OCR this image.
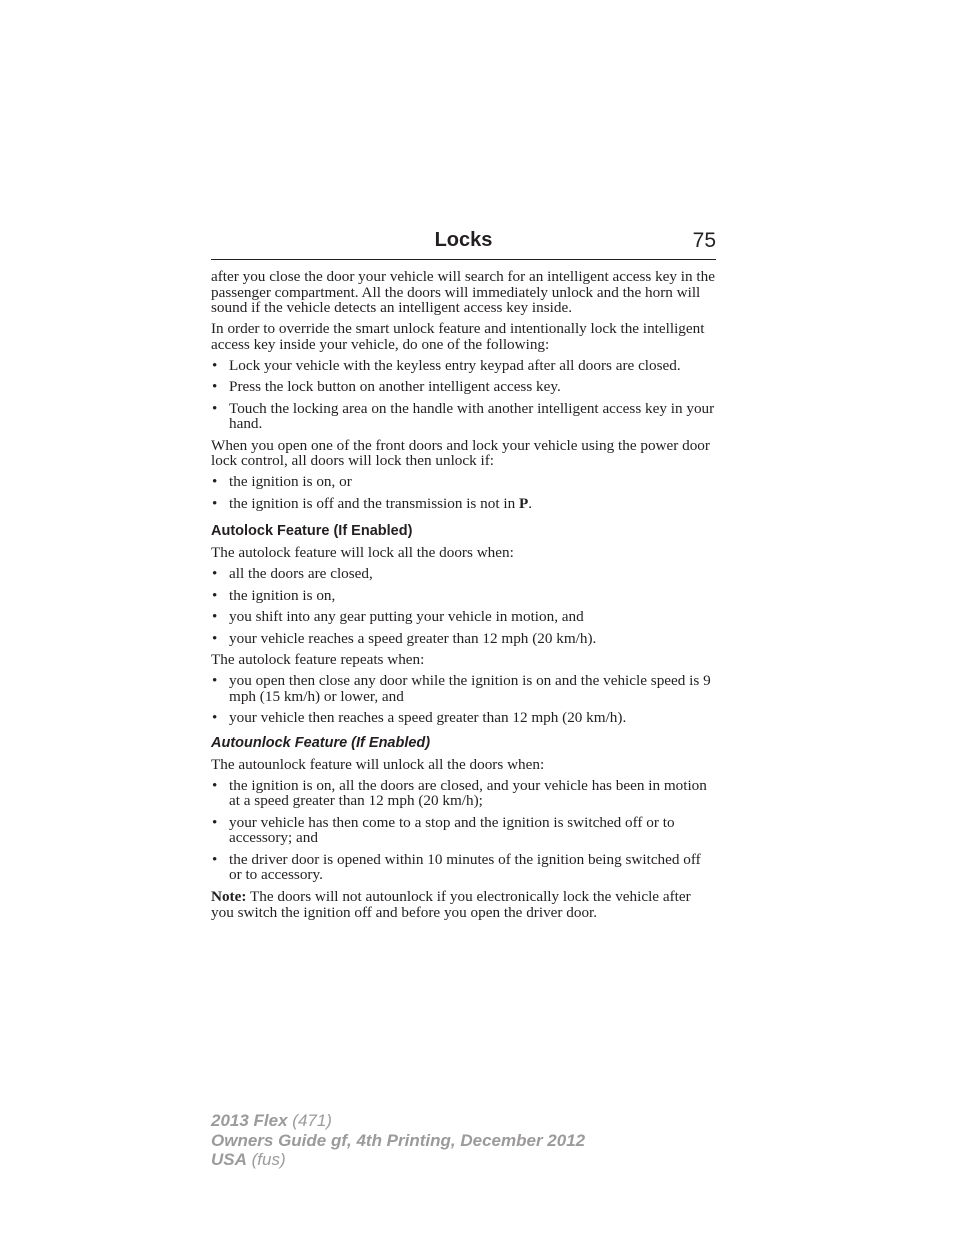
Locks	75

after you close the door your vehicle will search for an intelligent access key in the passenger compartment. All the doors will immediately unlock and the horn will sound if the vehicle detects an intelligent access key inside.

In order to override the smart unlock feature and intentionally lock the intelligent access key inside your vehicle, do one of the following:

• Lock your vehicle with the keyless entry keypad after all doors are closed.
• Press the lock button on another intelligent access key.
• Touch the locking area on the handle with another intelligent access key in your hand.

When you open one of the front doors and lock your vehicle using the power door lock control, all doors will lock then unlock if:

• the ignition is on, or
• the ignition is off and the transmission is not in P.
Autolock Feature (If Enabled)

The autolock feature will lock all the doors when:

• all the doors are closed,
• the ignition is on,
• you shift into any gear putting your vehicle in motion, and
• your vehicle reaches a speed greater than 12 mph (20 km/h).

The autolock feature repeats when:

• you open then close any door while the ignition is on and the vehicle speed is 9 mph (15 km/h) or lower, and
• your vehicle then reaches a speed greater than 12 mph (20 km/h).
Autounlock Feature (If Enabled)

The autounlock feature will unlock all the doors when:

• the ignition is on, all the doors are closed, and your vehicle has been in motion at a speed greater than 12 mph (20 km/h);
• your vehicle has then come to a stop and the ignition is switched off or to accessory; and
• the driver door is opened within 10 minutes of the ignition being switched off or to accessory.

Note: The doors will not autounlock if you electronically lock the vehicle after you switch the ignition off and before you open the driver door.

2013 Flex (471)
Owners Guide gf, 4th Printing, December 2012
USA (fus)
